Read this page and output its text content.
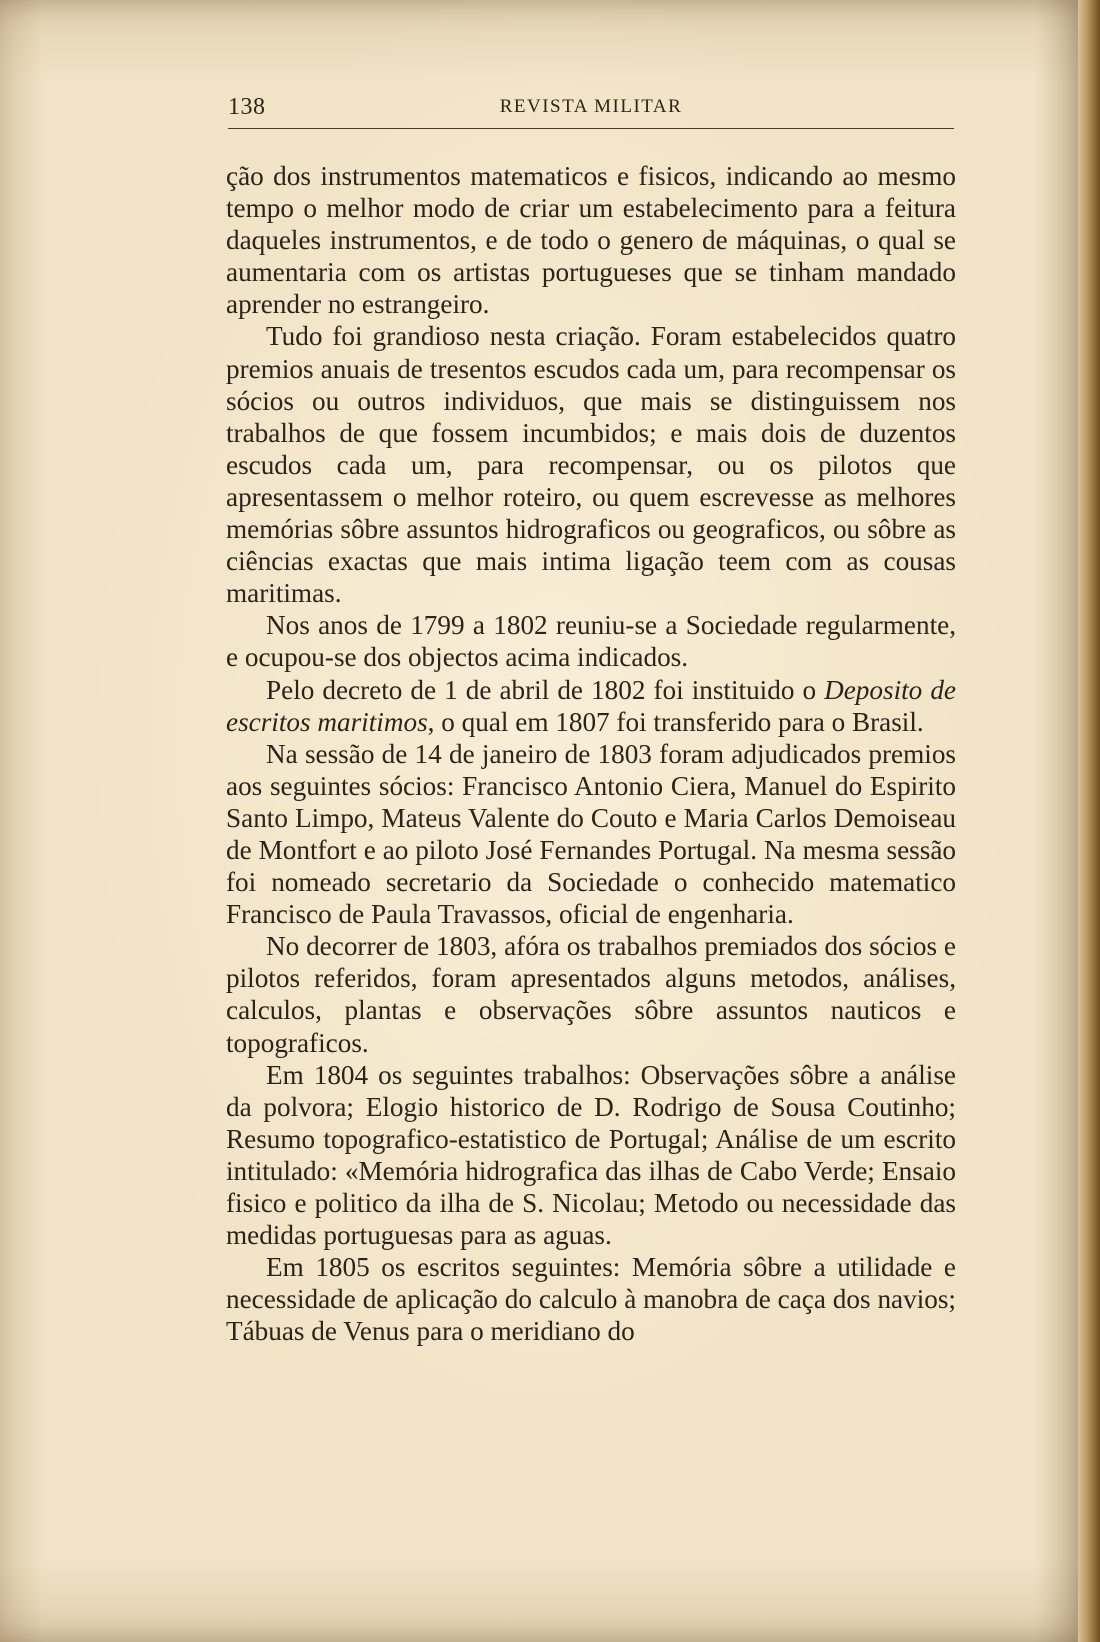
138	REVISTA MILITAR

ção dos instrumentos matematicos e fisicos, indicando ao mesmo tempo o melhor modo de criar um estabelecimento para a feitura daqueles instrumentos, e de todo o genero de máquinas, o qual se aumentaria com os artistas portugueses que se tinham mandado aprender no estrangeiro.

Tudo foi grandioso nesta criação. Foram estabelecidos quatro premios anuais de tresentos escudos cada um, para recompensar os sócios ou outros individuos, que mais se distinguissem nos trabalhos de que fossem incumbidos; e mais dois de duzentos escudos cada um, para recompensar, ou os pilotos que apresentassem o melhor roteiro, ou quem escrevesse as melhores memórias sôbre assuntos hidrograficos ou geograficos, ou sôbre as ciências exactas que mais intima ligação teem com as cousas maritimas.

Nos anos de 1799 a 1802 reuniu-se a Sociedade regularmente, e ocupou-se dos objectos acima indicados.

Pelo decreto de 1 de abril de 1802 foi instituido o Deposito de escritos maritimos, o qual em 1807 foi transferido para o Brasil.

Na sessão de 14 de janeiro de 1803 foram adjudicados premios aos seguintes sócios: Francisco Antonio Ciera, Manuel do Espirito Santo Limpo, Mateus Valente do Couto e Maria Carlos Demoiseau de Montfort e ao piloto José Fernandes Portugal. Na mesma sessão foi nomeado secretario da Sociedade o conhecido matematico Francisco de Paula Travassos, oficial de engenharia.

No decorrer de 1803, afóra os trabalhos premiados dos sócios e pilotos referidos, foram apresentados alguns metodos, análises, calculos, plantas e observações sôbre assuntos nauticos e topograficos.

Em 1804 os seguintes trabalhos: Observações sôbre a análise da polvora; Elogio historico de D. Rodrigo de Sousa Coutinho; Resumo topografico-estatistico de Portugal; Análise de um escrito intitulado: «Memória hidrografica das ilhas de Cabo Verde; Ensaio fisico e politico da ilha de S. Nicolau; Metodo ou necessidade das medidas portuguesas para as aguas.

Em 1805 os escritos seguintes: Memória sôbre a utilidade e necessidade de aplicação do calculo à manobra de caça dos navios; Tábuas de Venus para o meridiano do
